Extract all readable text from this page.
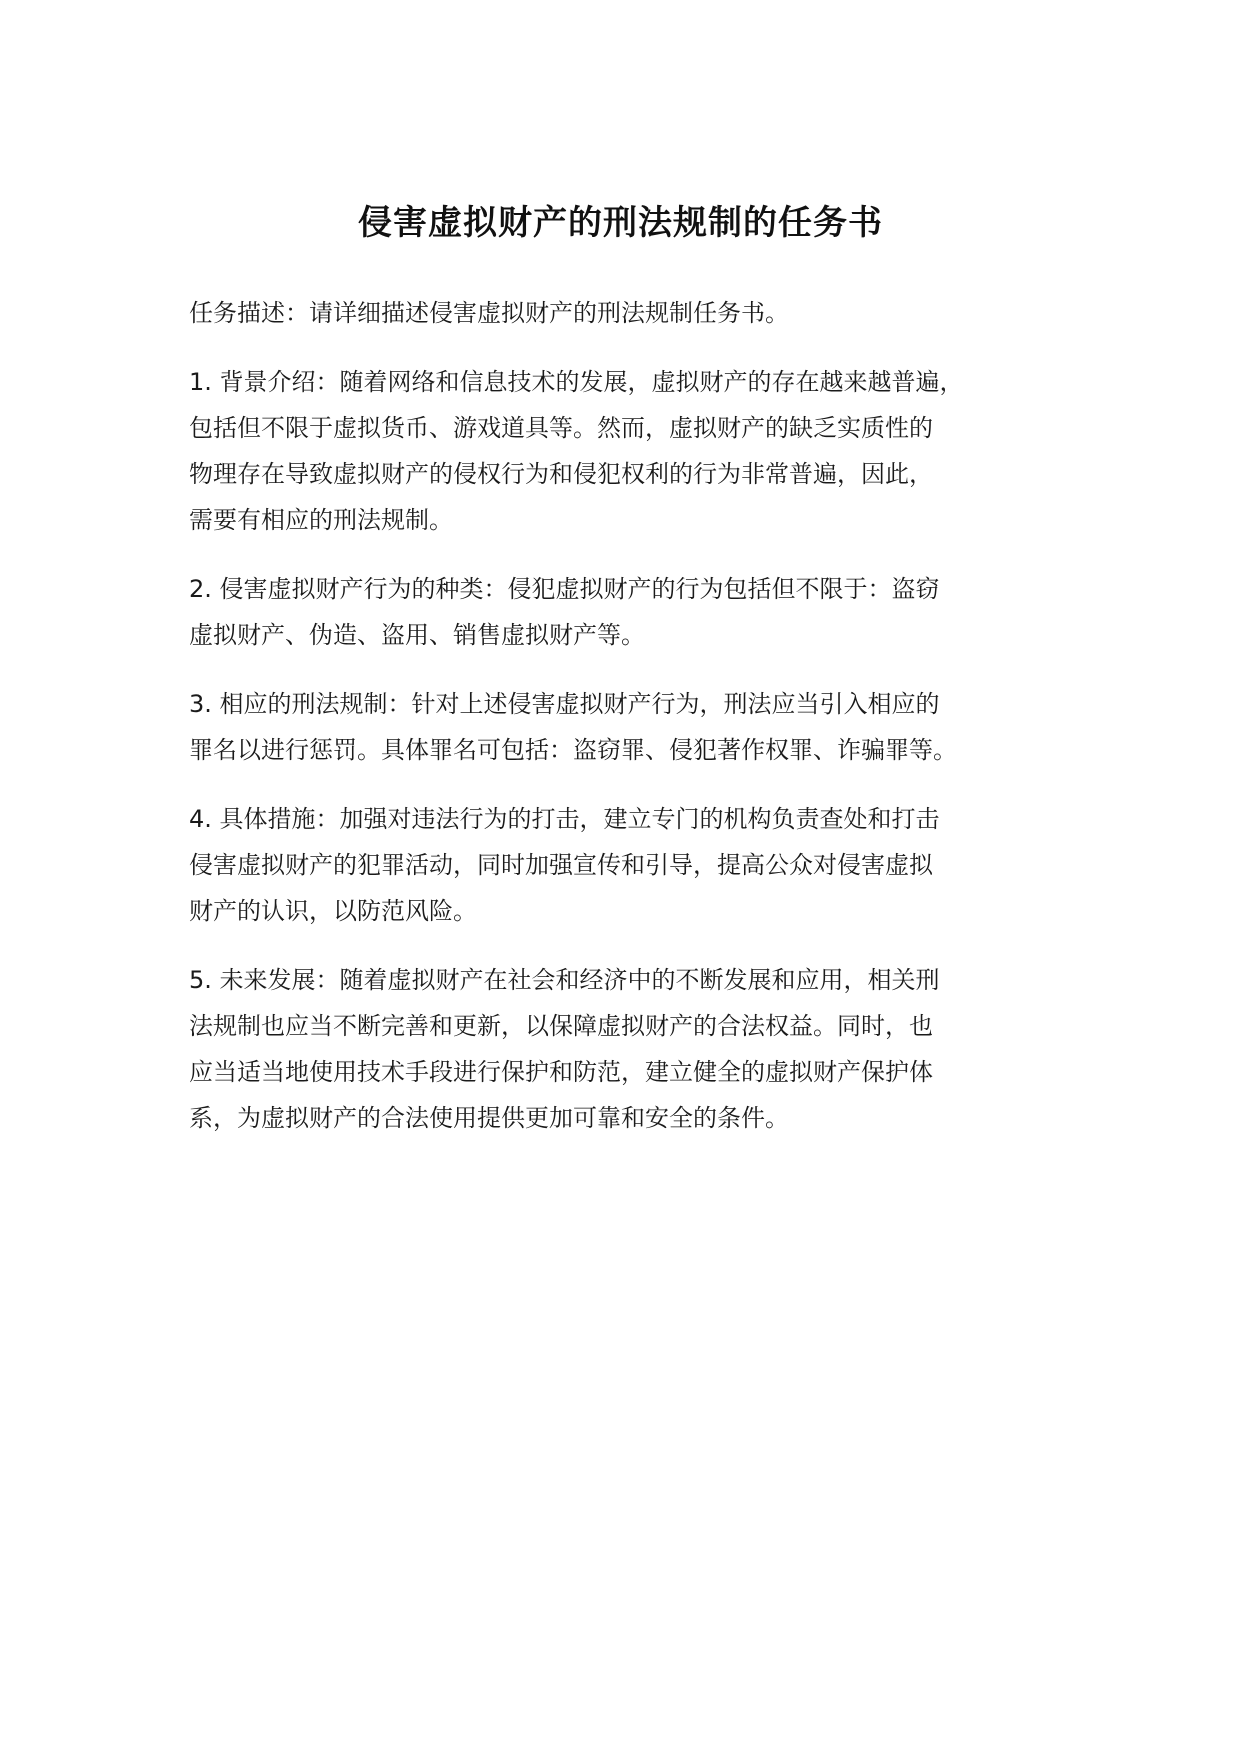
侵害虚拟财产的刑法规制的任务书

任务描述：请详细描述侵害虚拟财产的刑法规制任务书。

1. 背景介绍：随着网络和信息技术的发展，虚拟财产的存在越来越普遍，
包括但不限于虚拟货币、游戏道具等。然而，虚拟财产的缺乏实质性的
物理存在导致虚拟财产的侵权行为和侵犯权利的行为非常普遍，因此，
需要有相应的刑法规制。

2. 侵害虚拟财产行为的种类：侵犯虚拟财产的行为包括但不限于：盗窃
虚拟财产、伪造、盗用、销售虚拟财产等。

3. 相应的刑法规制：针对上述侵害虚拟财产行为，刑法应当引入相应的
罪名以进行惩罚。具体罪名可包括：盗窃罪、侵犯著作权罪、诈骗罪等。

4. 具体措施：加强对违法行为的打击，建立专门的机构负责查处和打击
侵害虚拟财产的犯罪活动，同时加强宣传和引导，提高公众对侵害虚拟
财产的认识，以防范风险。

5. 未来发展：随着虚拟财产在社会和经济中的不断发展和应用，相关刑
法规制也应当不断完善和更新，以保障虚拟财产的合法权益。同时，也
应当适当地使用技术手段进行保护和防范，建立健全的虚拟财产保护体
系，为虚拟财产的合法使用提供更加可靠和安全的条件。
